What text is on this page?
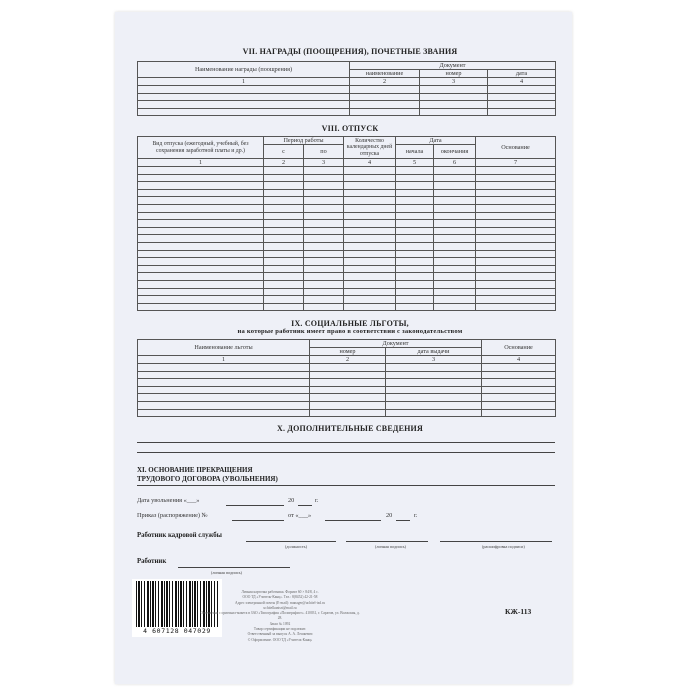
VII. НАГРАДЫ (ПООЩРЕНИЯ), ПОЧЕТНЫЕ ЗВАНИЯ
Наименование награды (поощрения)	Документ		
	наименование	номер	дата
1	2	3	4

VIII. ОТПУСК
Вид отпуска (ежегодный, учебный, без сохранения заработной платы и др.)	Период работы		Количество календарных дней отпуска	Дата		Основание
	с	по		начала	окончания	
1	2	3	4	5	6	7

IX. СОЦИАЛЬНЫЕ ЛЬГОТЫ,
на которые работник имеет право в соответствии с законодательством
Наименование льготы	Документ		Основание
	номер	дата выдачи	
1	2	3	4

X. ДОПОЛНИТЕЛЬНЫЕ СВЕДЕНИЯ
XI. ОСНОВАНИЕ ПРЕКРАЩЕНИЯ
ТРУДОВОГО ДОГОВОРА (УВОЛЬНЕНИЯ)
Дата увольнения «___»	20	г.
Приказ (распоряжение) №	от «___»	20	г.
Работник кадровой службы
(должность)	(личная подпись)	(расшифровка подписи)
Работник
(личная подпись)
4 607128 047029
Личная карточка работника. Формат 60 × 84/8, 4 с.
ООО ТД «Учитель-Канц». Тел.: 8(8452) 42-21-58
Адрес электронной почты (E-mail): manager@uchitel-izd.ru
uchitelkantsrt@mail.ru
Отпечатано с оригинал-макета в ЗАО «Типография «Полиграфист». 410031, г. Саратов, ул. Волжская, д. 28.
Заказ № 1092
Товар сертификации не подлежит.
Ответственный за выпуск А. А. Лешкевич
© Оформление. ООО ТД «Учитель-Канц»
КЖ-113
